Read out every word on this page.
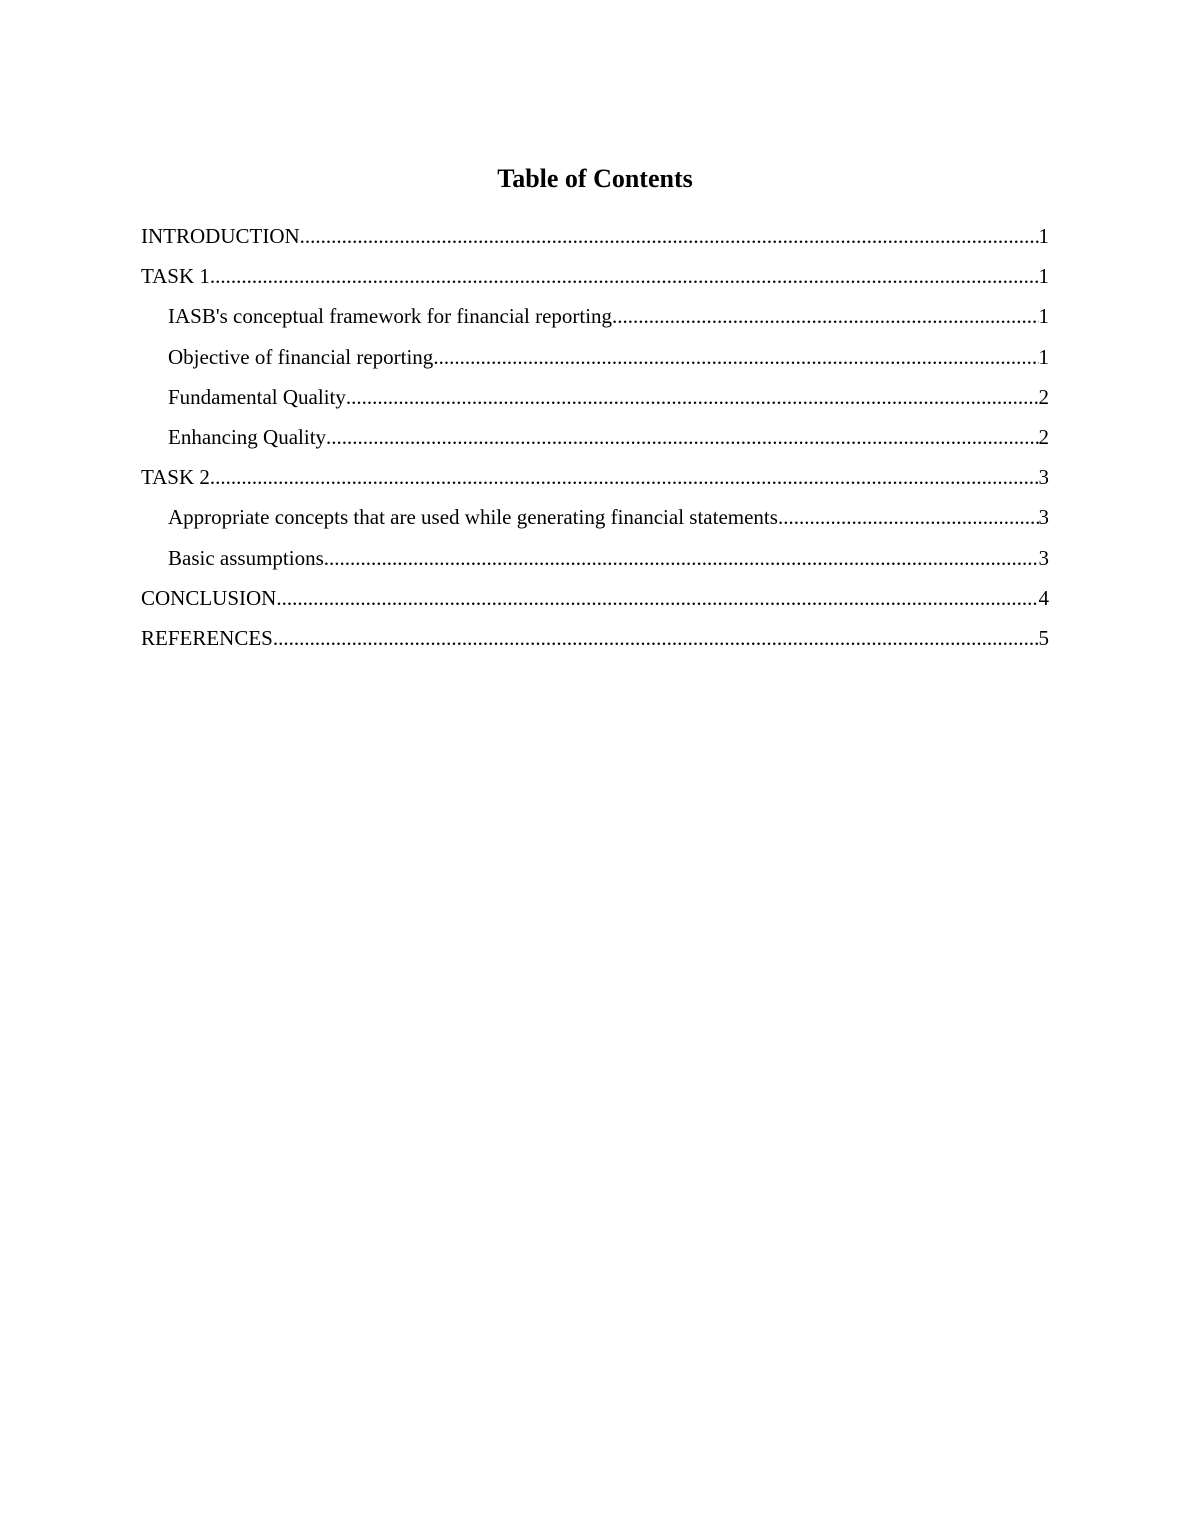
Table of Contents
INTRODUCTION .....	1
TASK 1 .....	1
IASB's conceptual framework for financial reporting .....	1
Objective of financial reporting .....	1
Fundamental Quality .....	2
Enhancing Quality .....	2
TASK 2 .....	3
Appropriate concepts that are used while generating financial statements .....	3
Basic assumptions .....	3
CONCLUSION .....	4
REFERENCES .....	5
